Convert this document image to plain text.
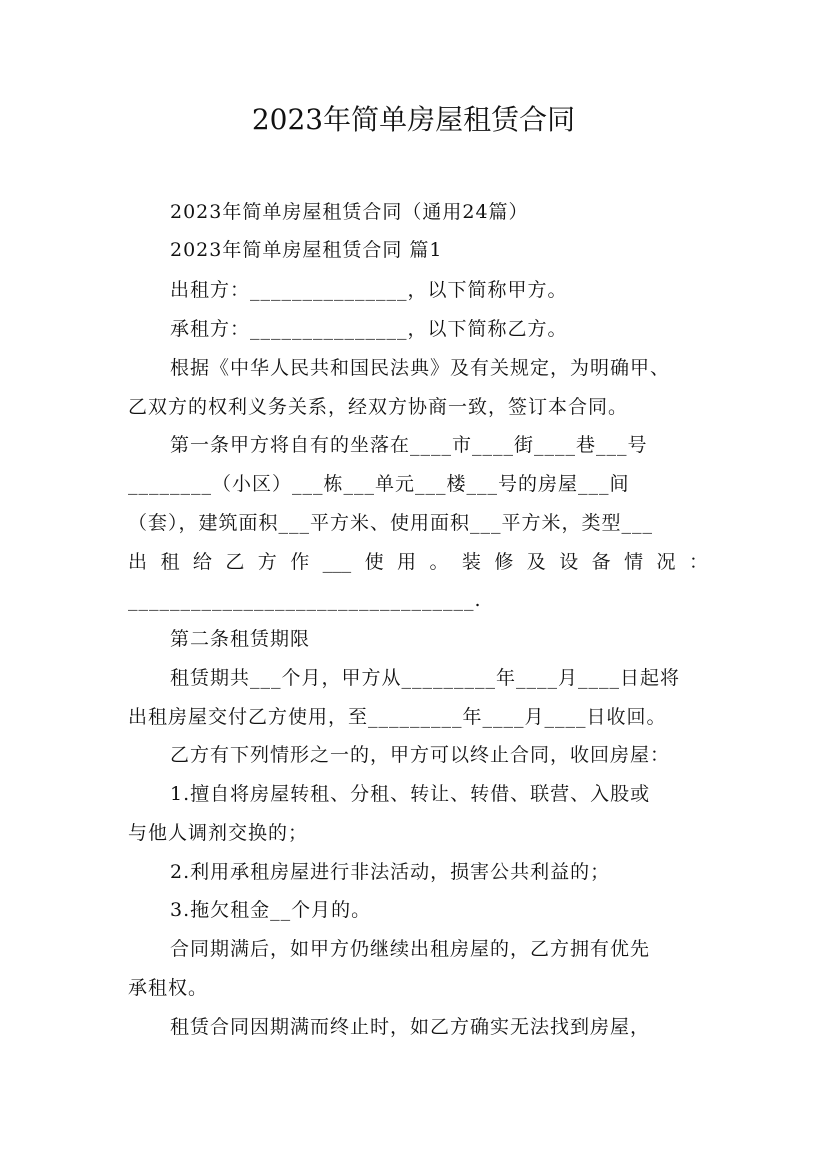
2023年简单房屋租赁合同
2023年简单房屋租赁合同（通用24篇）
2023年简单房屋租赁合同 篇1
出租方：_______________，以下简称甲方。
承租方：_______________，以下简称乙方。
根据《中华人民共和国民法典》及有关规定，为明确甲、
乙双方的权利义务关系，经双方协商一致，签订本合同。
第一条甲方将自有的坐落在____市____街____巷___号
________（小区）___栋___单元___楼___号的房屋___间
（套），建筑面积___平方米、使用面积___平方米，类型___
出租给乙方作___使用。装修及设备情况：
_________________________________.
第二条租赁期限
租赁期共___个月，甲方从_________年____月____日起将
出租房屋交付乙方使用，至_________年____月____日收回。
乙方有下列情形之一的，甲方可以终止合同，收回房屋：
1.擅自将房屋转租、分租、转让、转借、联营、入股或
与他人调剂交换的；
2.利用承租房屋进行非法活动，损害公共利益的；
3.拖欠租金__个月的。
合同期满后，如甲方仍继续出租房屋的，乙方拥有优先
承租权。
租赁合同因期满而终止时，如乙方确实无法找到房屋，
